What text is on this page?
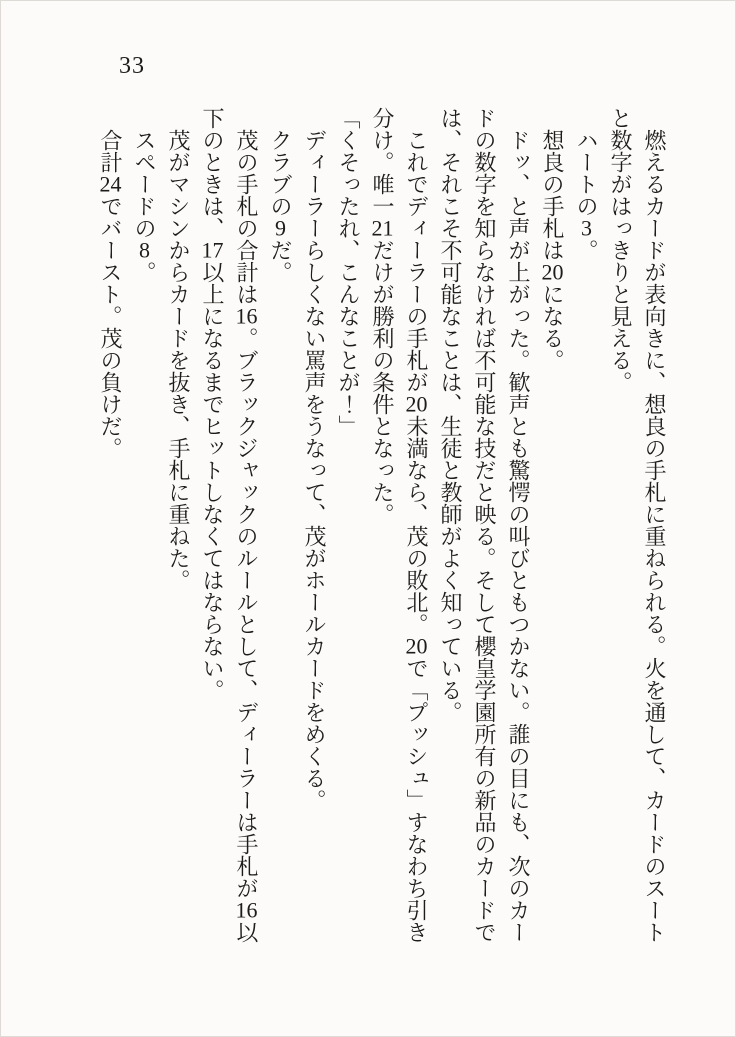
33

燃えるカードが表向きに、想良の手札に重ねられる。火を通して、カードのスートと数字がはっきりと見える。

ハートの3。

想良の手札は20になる。

ドッ、と声が上がった。歓声とも驚愕の叫びともつかない。誰の目にも、次のカードの数字を知らなければ不可能な技だと映る。そして櫻皇学園所有の新品のカードでは、それこそ不可能なことは、生徒と教師がよく知っている。

これでディーラーの手札が20未満なら、茂の敗北。20で「プッシュ」すなわち引き分け。唯一21だけが勝利の条件となった。

「くそったれ、こんなことが！」

ディーラーらしくない罵声をうなって、茂がホールカードをめくる。

クラブの9だ。

茂の手札の合計は16。ブラックジャックのルールとして、ディーラーは手札が16以下のときは、17以上になるまでヒットしなくてはならない。

茂がマシンからカードを抜き、手札に重ねた。

スペードの8。

合計24でバースト。茂の負けだ。
